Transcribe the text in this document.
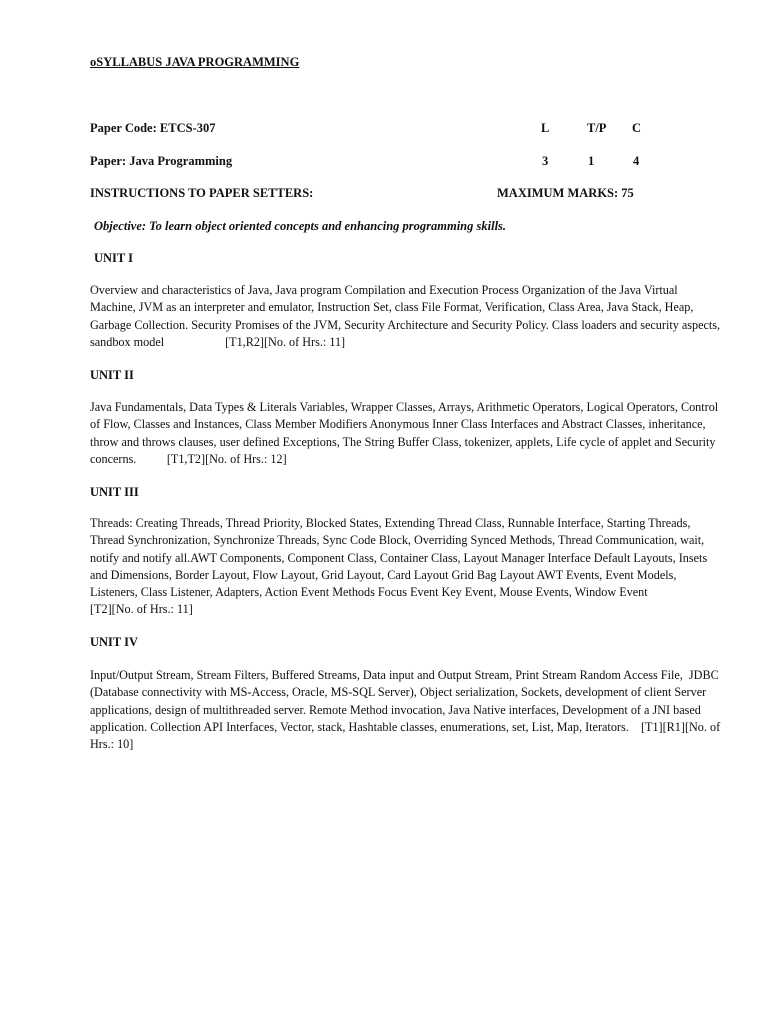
oSYLLABUS JAVA PROGRAMMING
Paper Code: ETCS-307	L	T/P C
Paper: Java Programming	3	1	4
INSTRUCTIONS TO PAPER SETTERS:	MAXIMUM MARKS: 75
Objective: To learn object oriented concepts and enhancing programming skills.
UNIT I
Overview and characteristics of Java, Java program Compilation and Execution Process Organization of the Java Virtual
Machine, JVM as an interpreter and emulator, Instruction Set, class File Format, Verification, Class Area, Java Stack, Heap,
Garbage Collection. Security Promises of the JVM, Security Architecture and Security Policy. Class loaders and security aspects,
sandbox model                    [T1,R2][No. of Hrs.: 11]
UNIT II
Java Fundamentals, Data Types & Literals Variables, Wrapper Classes, Arrays, Arithmetic Operators, Logical Operators, Control
of Flow, Classes and Instances, Class Member Modifiers Anonymous Inner Class Interfaces and Abstract Classes, inheritance,
throw and throws clauses, user defined Exceptions, The String Buffer Class, tokenizer, applets, Life cycle of applet and Security
concerns.          [T1,T2][No. of Hrs.: 12]
UNIT III
Threads: Creating Threads, Thread Priority, Blocked States, Extending Thread Class, Runnable Interface, Starting Threads,
Thread Synchronization, Synchronize Threads, Sync Code Block, Overriding Synced Methods, Thread Communication, wait,
notify and notify all.AWT Components, Component Class, Container Class, Layout Manager Interface Default Layouts, Insets
and Dimensions, Border Layout, Flow Layout, Grid Layout, Card Layout Grid Bag Layout AWT Events, Event Models,
Listeners, Class Listener, Adapters, Action Event Methods Focus Event Key Event, Mouse Events, Window Event
[T2][No. of Hrs.: 11]
UNIT IV
Input/Output Stream, Stream Filters, Buffered Streams, Data input and Output Stream, Print Stream Random Access File,  JDBC
(Database connectivity with MS-Access, Oracle, MS-SQL Server), Object serialization, Sockets, development of client Server
applications, design of multithreaded server. Remote Method invocation, Java Native interfaces, Development of a JNI based
application. Collection API Interfaces, Vector, stack, Hashtable classes, enumerations, set, List, Map, Iterators.    [T1][R1][No. of
Hrs.: 10]
